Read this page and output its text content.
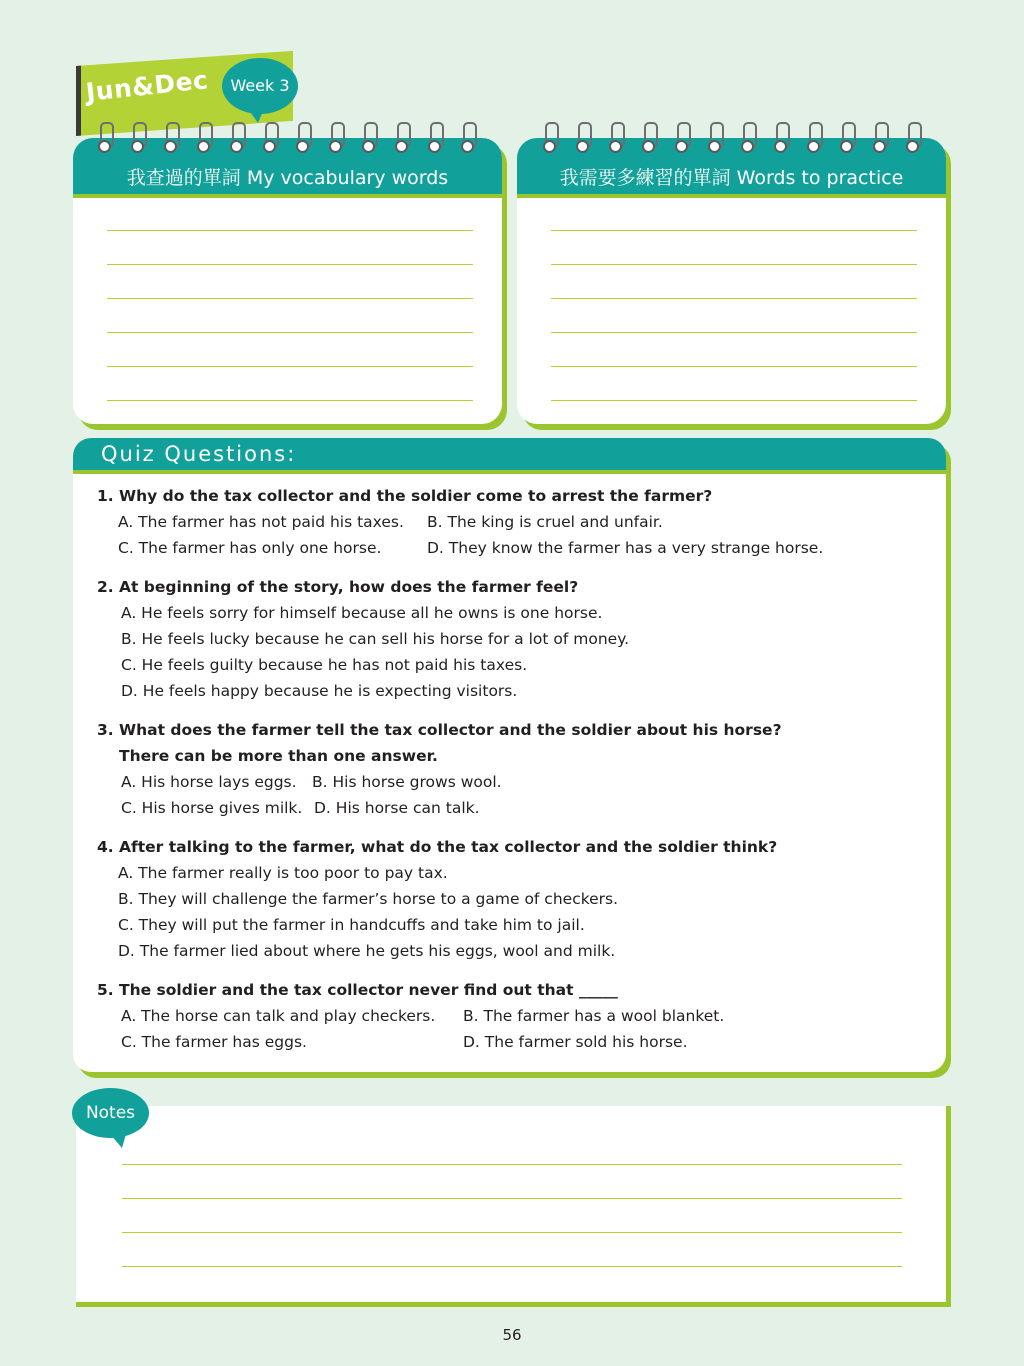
Jun&Dec	Week 3
我查過的單詞 My vocabulary words	我需要多練習的單詞 Words to practice
Quiz Questions:
1. Why do the tax collector and the soldier come to arrest the farmer?
A. The farmer has not paid his taxes. B. The king is cruel and unfair.
C. The farmer has only one horse.	D. They know the farmer has a very strange horse.
2. At beginning of the story, how does the farmer feel?
A. He feels sorry for himself because all he owns is one horse.
B. He feels lucky because he can sell his horse for a lot of money.
C. He feels guilty because he has not paid his taxes.
D. He feels happy because he is expecting visitors.
3. What does the farmer tell the tax collector and the soldier about his horse?
There can be more than one answer.
A. His horse lays eggs. B. His horse grows wool.
C. His horse gives milk. D. His horse can talk.
4. After talking to the farmer, what do the tax collector and the soldier think?
A. The farmer really is too poor to pay tax.
B. They will challenge the farmer’s horse to a game of checkers.
C. They will put the farmer in handcuffs and take him to jail.
D. The farmer lied about where he gets his eggs, wool and milk.
5. The soldier and the tax collector never find out that _____
A. The horse can talk and play checkers. B. The farmer has a wool blanket.
C. The farmer has eggs.	D. The farmer sold his horse.
Notes
56
